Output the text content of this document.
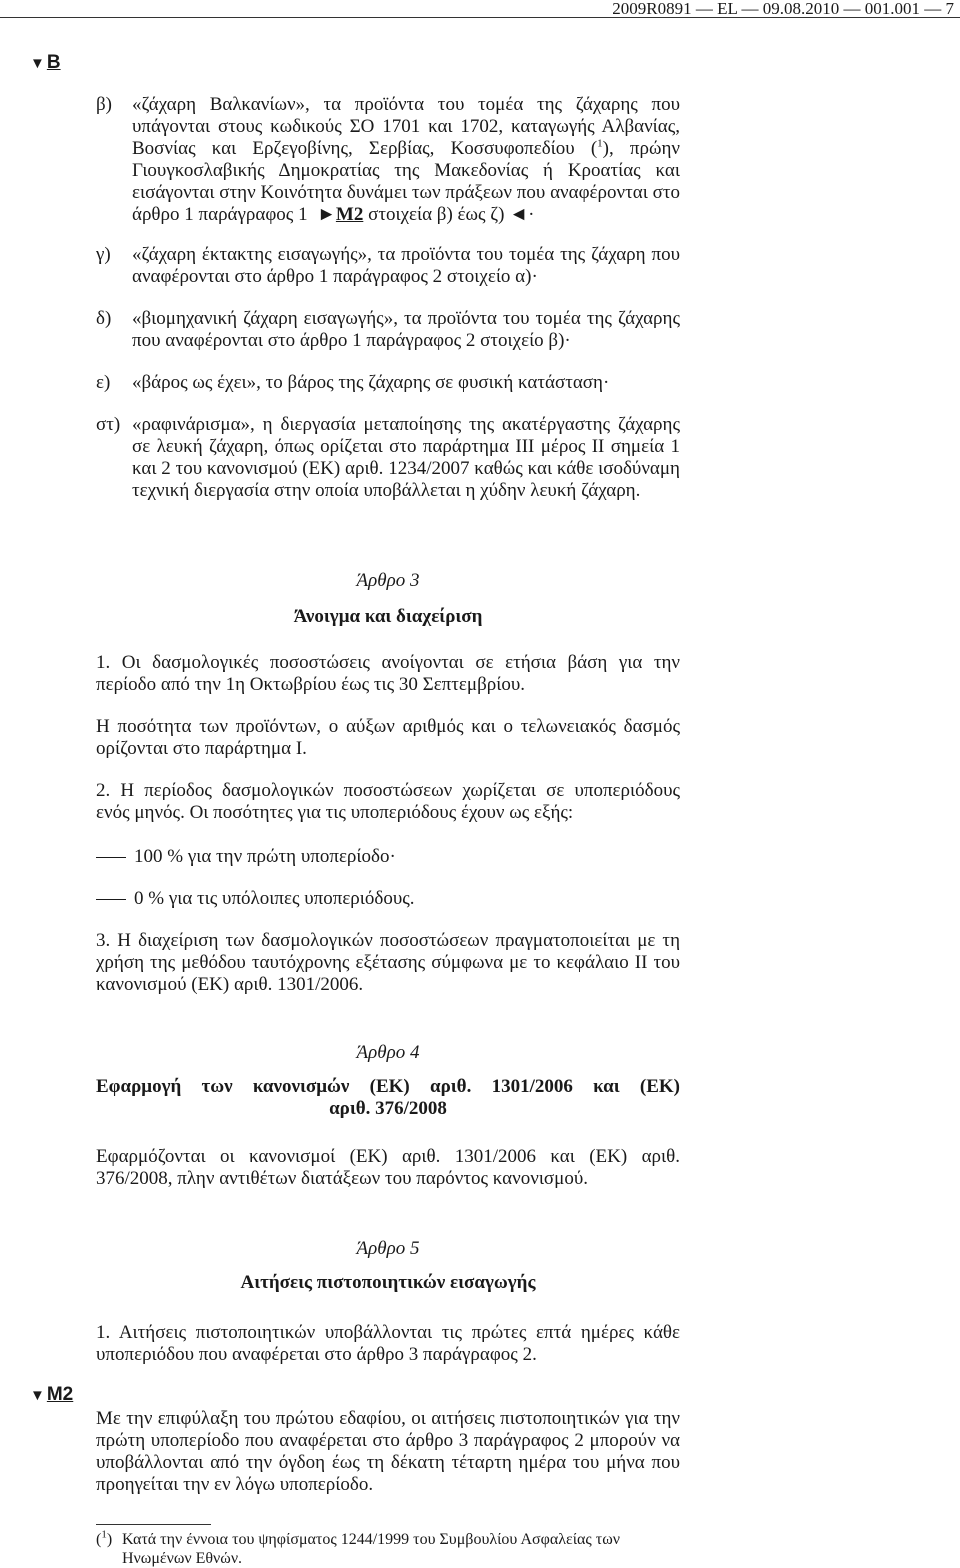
2009R0891 — EL — 09.08.2010 — 001.001 — 7
▼ B
▼ M2
β) «ζάχαρη Βαλκανίων», τα προϊόντα του τομέα της ζάχαρης που υπάγονται στους κωδικούς ΣΟ 1701 και 1702, καταγωγής Αλβανίας, Βοσνίας και Ερζεγοβίνης, Σερβίας, Κοσσυφοπεδίου ($^1$), πρώην Γιουγκοσλαβικής Δημοκρατίας της Μακεδονίας ή Κροατίας και εισάγονται στην Κοινότητα δυνάμει των πράξεων που αναφέρονται στο άρθρο 1 παράγραφος 1 ►M2 στοιχεία β) έως ζ) ◄·
γ) «ζάχαρη έκτακτης εισαγωγής», τα προϊόντα του τομέα της ζάχαρη που αναφέρονται στο άρθρο 1 παράγραφος 2 στοιχείο α)·
δ) «βιομηχανική ζάχαρη εισαγωγής», τα προϊόντα του τομέα της ζάχαρης που αναφέρονται στο άρθρο 1 παράγραφος 2 στοιχείο β)·
ε) «βάρος ως έχει», το βάρος της ζάχαρης σε φυσική κατάσταση·
στ) «ραφινάρισμα», η διεργασία μεταποίησης της ακατέργαστης ζάχαρης σε λευκή ζάχαρη, όπως ορίζεται στο παράρτημα ΙΙΙ μέρος ΙΙ σημεία 1 και 2 του κανονισμού (ΕΚ) αριθ. 1234/2007 καθώς και κάθε ισοδύναμη τεχνική διεργασία στην οποία υποβάλλεται η χύδην λευκή ζάχαρη.
Άρθρο 3
Άνοιγμα και διαχείριση
1. Οι δασμολογικές ποσοστώσεις ανοίγονται σε ετήσια βάση για την περίοδο από την 1η Οκτωβρίου έως τις 30 Σεπτεμβρίου.
Η ποσότητα των προϊόντων, ο αύξων αριθμός και ο τελωνειακός δασμός ορίζονται στο παράρτημα Ι.
2. Η περίοδος δασμολογικών ποσοστώσεων χωρίζεται σε υποπεριόδους ενός μηνός. Οι ποσότητες για τις υποπεριόδους έχουν ως εξής:
100 % για την πρώτη υποπερίοδο·
0 % για τις υπόλοιπες υποπεριόδους.
3. Η διαχείριση των δασμολογικών ποσοστώσεων πραγματοποιείται με τη χρήση της μεθόδου ταυτόχρονης εξέτασης σύμφωνα με το κεφάλαιο ΙΙ του κανονισμού (ΕΚ) αριθ. 1301/2006.
Άρθρο 4
Εφαρμογή των κανονισμών (ΕΚ) αριθ. 1301/2006 και (ΕΚ)
αριθ. 376/2008
Εφαρμόζονται οι κανονισμοί (ΕΚ) αριθ. 1301/2006 και (ΕΚ) αριθ. 376/2008, πλην αντιθέτων διατάξεων του παρόντος κανονισμού.
Άρθρο 5
Αιτήσεις πιστοποιητικών εισαγωγής
1. Αιτήσεις πιστοποιητικών υποβάλλονται τις πρώτες επτά ημέρες κάθε υποπεριόδου που αναφέρεται στο άρθρο 3 παράγραφος 2.
Με την επιφύλαξη του πρώτου εδαφίου, οι αιτήσεις πιστοποιητικών για την πρώτη υποπερίοδο που αναφέρεται στο άρθρο 3 παράγραφος 2 μπορούν να υποβάλλονται από την όγδοη έως τη δέκατη τέταρτη ημέρα του μήνα που προηγείται την εν λόγω υποπερίοδο.
($^1$) Κατά την έννοια του ψηφίσματος 1244/1999 του Συμβουλίου Ασφαλείας των Ηνωμένων Εθνών.
